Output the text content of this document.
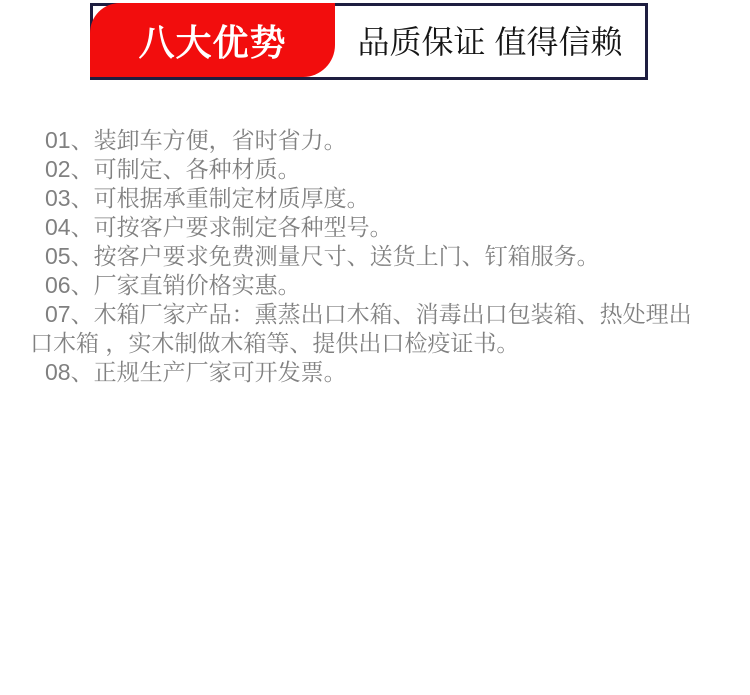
品质保证 值得信赖
八大优势
01、装卸车方便，省时省力。
02、可制定、各种材质。
03、可根据承重制定材质厚度。
04、可按客户要求制定各种型号。
05、按客户要求免费测量尺寸、送货上门、钉箱服务。
06、厂家直销价格实惠。
07、木箱厂家产品：熏蒸出口木箱、消毒出口包装箱、热处理出口木箱 ，实木制做木箱等、提供出口检疫证书。
08、正规生产厂家可开发票。
